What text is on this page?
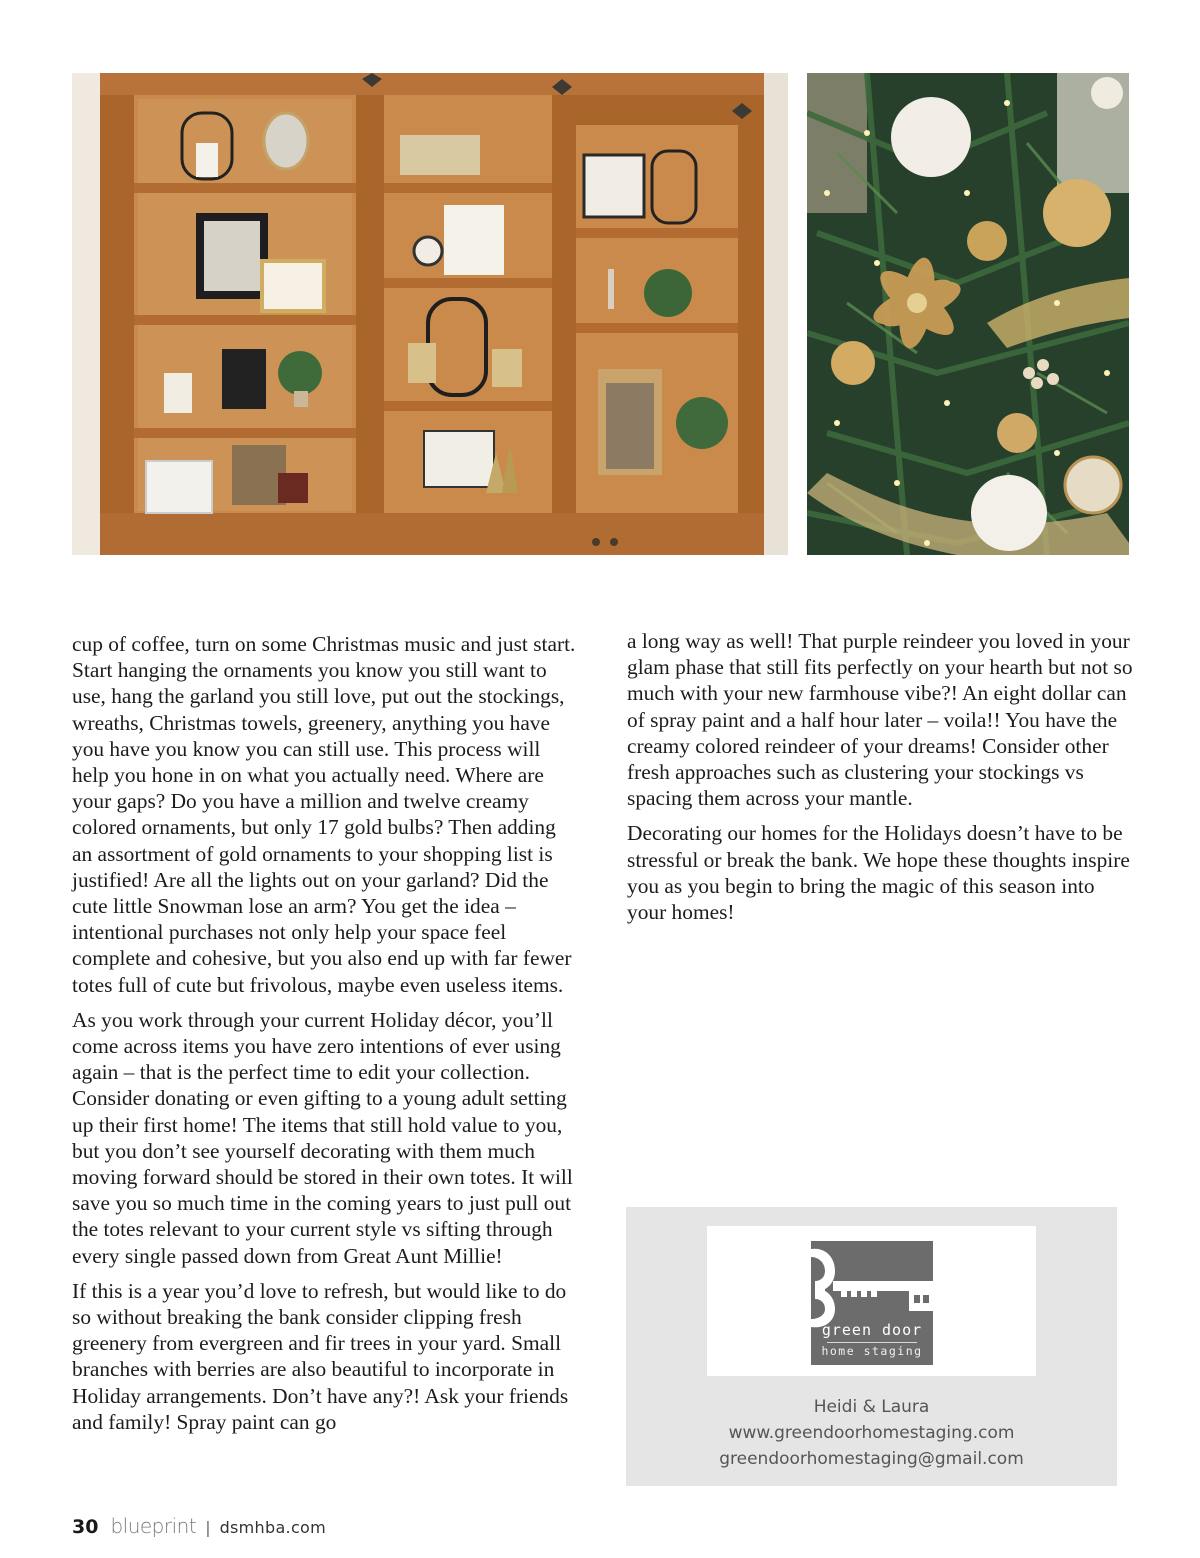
cup of coffee, turn on some Christmas music and just start. Start hanging the ornaments you know you still want to use, hang the garland you still love, put out the stockings, wreaths, Christmas towels, greenery, anything you have you have you know you can still use. This process will help you hone in on what you actually need. Where are your gaps? Do you have a million and twelve creamy colored ornaments, but only 17 gold bulbs? Then adding an assortment of gold ornaments to your shopping list is justified! Are all the lights out on your garland? Did the cute little Snowman lose an arm? You get the idea – intentional purchases not only help your space feel complete and cohesive, but you also end up with far fewer totes full of cute but frivolous, maybe even useless items.

As you work through your current Holiday décor, you’ll come across items you have zero intentions of ever using again – that is the perfect time to edit your collection. Consider donating or even gifting to a young adult setting up their first home! The items that still hold value to you, but you don’t see yourself decorating with them much moving forward should be stored in their own totes. It will save you so much time in the coming years to just pull out the totes relevant to your current style vs sifting through every single passed down from Great Aunt Millie!

If this is a year you’d love to refresh, but would like to do so without breaking the bank consider clipping fresh greenery from evergreen and fir trees in your yard. Small branches with berries are also beautiful to incorporate in Holiday arrangements. Don’t have any?! Ask your friends and family! Spray paint can go

a long way as well! That purple reindeer you loved in your glam phase that still fits perfectly on your hearth but not so much with your new farmhouse vibe?! An eight dollar can of spray paint and a half hour later – voila!! You have the creamy colored reindeer of your dreams! Consider other fresh approaches such as clustering your stockings vs spacing them across your mantle.

Decorating our homes for the Holidays doesn’t have to be stressful or break the bank. We hope these thoughts inspire you as you begin to bring the magic of this season into your homes!

green door
home staging
Heidi & Laura
www.greendoorhomestaging.com
greendoorhomestaging@gmail.com
30 blueprint | dsmhba.com
